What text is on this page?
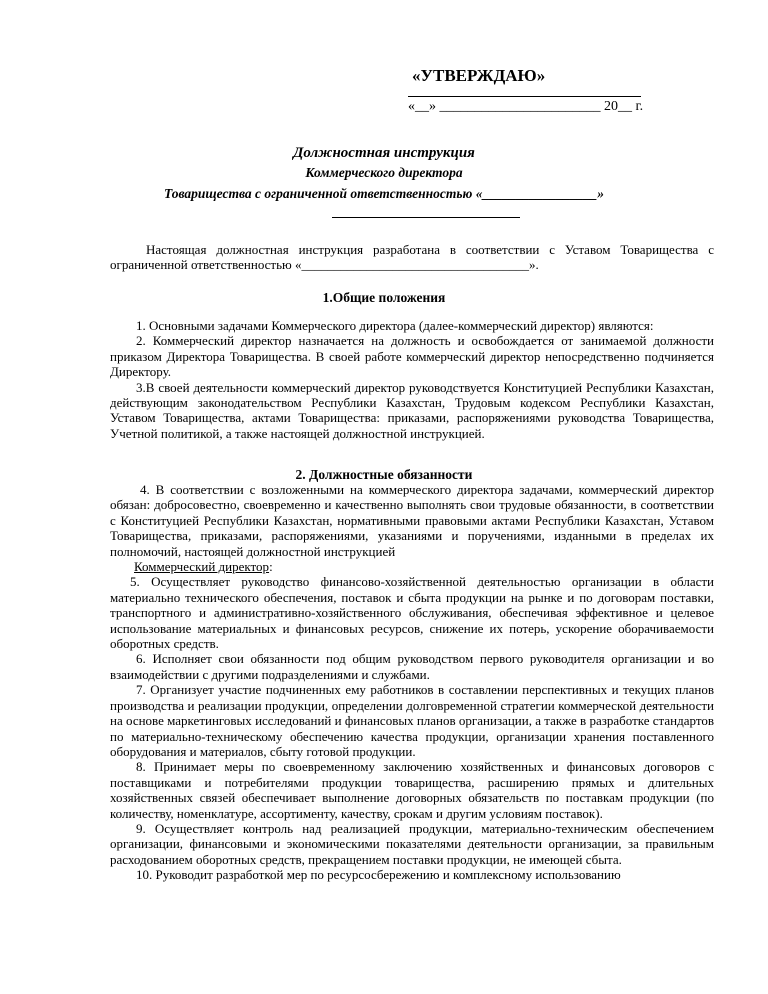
«УТВЕРЖДАЮ»
«__» _______________________ 20__ г.
Должностная инструкция
Коммерческого директора
Товарищества с ограниченной ответственностью «_________________»

Настоящая должностная инструкция разработана в соответствии с Уставом Товарищества с ограниченной ответственностью «___________________________________».

1.Общие положения

1. Основными задачами Коммерческого директора (далее-коммерческий директор) являются:

2. Коммерческий директор назначается на должность и освобождается от занимаемой должности приказом Директора Товарищества. В своей работе коммерческий директор непосредственно подчиняется Директору.

3.В своей деятельности коммерческий директор руководствуется Конституцией Республики Казахстан, действующим законодательством Республики Казахстан, Трудовым кодексом Республики Казахстан, Уставом Товарищества, актами Товарищества: приказами, распоряжениями руководства Товарищества, Учетной политикой, а также настоящей должностной инструкцией.

2. Должностные обязанности

4. В соответствии с возложенными на коммерческого директора задачами, коммерческий директор обязан: добросовестно, своевременно и качественно выполнять свои трудовые обязанности, в соответствии с Конституцией Республики Казахстан, нормативными правовыми актами Республики Казахстан, Уставом Товарищества, приказами, распоряжениями, указаниями и поручениями, изданными в пределах их полномочий, настоящей должностной инструкцией

Коммерческий директор:

5. Осуществляет руководство финансово-хозяйственной деятельностью организации в области материально технического обеспечения, поставок и сбыта продукции на рынке и по договорам поставки, транспортного и административно-хозяйственного обслуживания, обеспечивая эффективное и целевое использование материальных и финансовых ресурсов, снижение их потерь, ускорение оборачиваемости оборотных средств.

6. Исполняет свои обязанности под общим руководством первого руководителя организации и во взаимодействии с другими подразделениями и службами.

7. Организует участие подчиненных ему работников в составлении перспективных и текущих планов производства и реализации продукции, определении долговременной стратегии коммерческой деятельности на основе маркетинговых исследований и финансовых планов организации, а также в разработке стандартов по материально-техническому обеспечению качества продукции, организации хранения поставленного оборудования и материалов, сбыту готовой продукции.

8. Принимает меры по своевременному заключению хозяйственных и финансовых договоров с поставщиками и потребителями продукции товарищества, расширению прямых и длительных хозяйственных связей обеспечивает выполнение договорных обязательств по поставкам продукции (по количеству, номенклатуре, ассортименту, качеству, срокам и другим условиям поставок).

9. Осуществляет контроль над реализацией продукции, материально-техническим обеспечением организации, финансовыми и экономическими показателями деятельности организации, за правильным расходованием оборотных средств, прекращением поставки продукции, не имеющей сбыта.

10. Руководит разработкой мер по ресурсосбережению и комплексному использованию
